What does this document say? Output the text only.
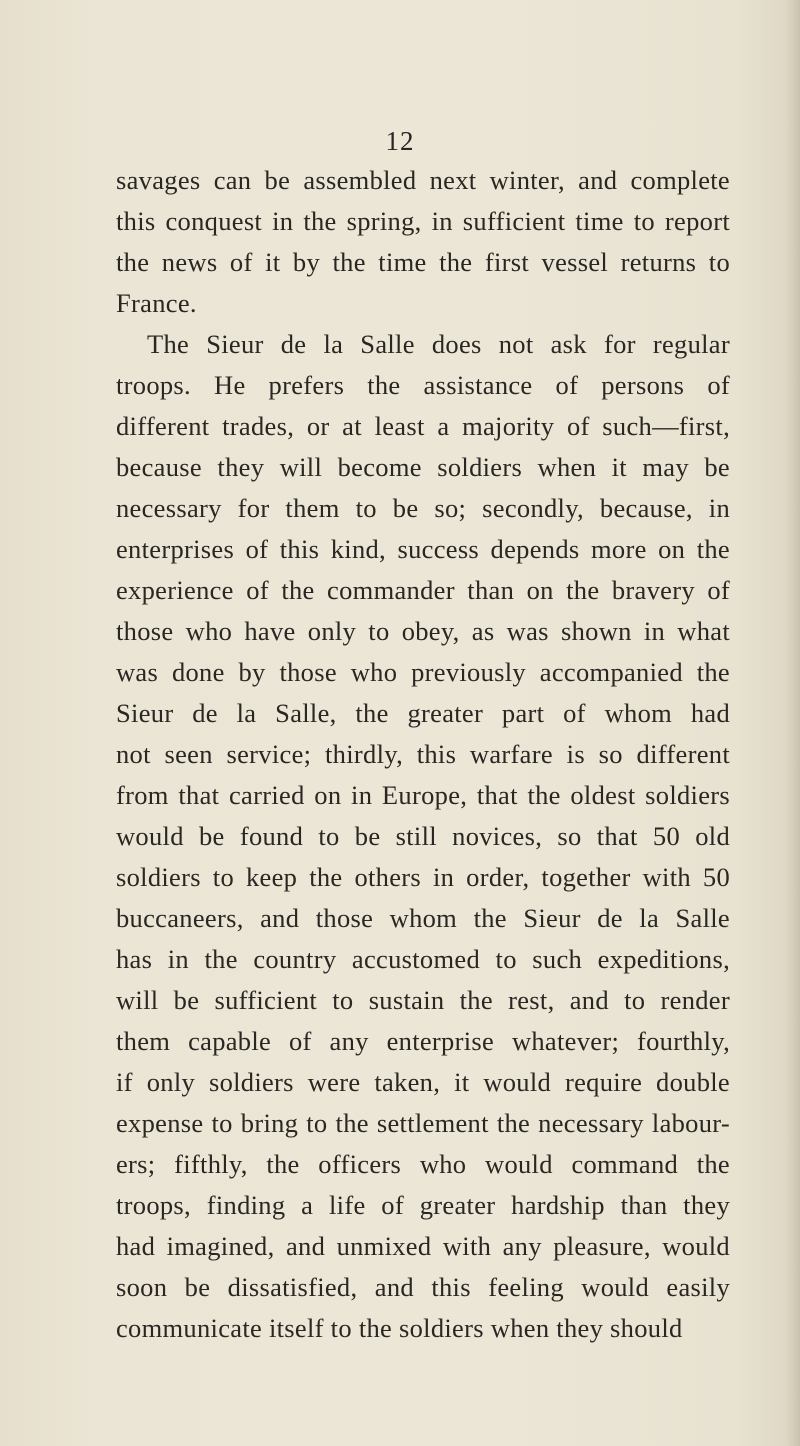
12
savages can be assembled next winter, and complete
this conquest in the spring, in sufficient time to report
the news of it by the time the first vessel returns to
France.
The Sieur de la Salle does not ask for regular
troops. He prefers the assistance of persons of
different trades, or at least a majority of such—first,
because they will become soldiers when it may be
necessary for them to be so; secondly, because, in
enterprises of this kind, success depends more on the
experience of the commander than on the bravery of
those who have only to obey, as was shown in what
was done by those who previously accompanied the
Sieur de la Salle, the greater part of whom had
not seen service; thirdly, this warfare is so different
from that carried on in Europe, that the oldest soldiers
would be found to be still novices, so that 50 old
soldiers to keep the others in order, together with 50
buccaneers, and those whom the Sieur de la Salle
has in the country accustomed to such expeditions,
will be sufficient to sustain the rest, and to render
them capable of any enterprise whatever; fourthly,
if only soldiers were taken, it would require double
expense to bring to the settlement the necessary labour-
ers; fifthly, the officers who would command the
troops, finding a life of greater hardship than they
had imagined, and unmixed with any pleasure, would
soon be dissatisfied, and this feeling would easily
communicate itself to the soldiers when they should
